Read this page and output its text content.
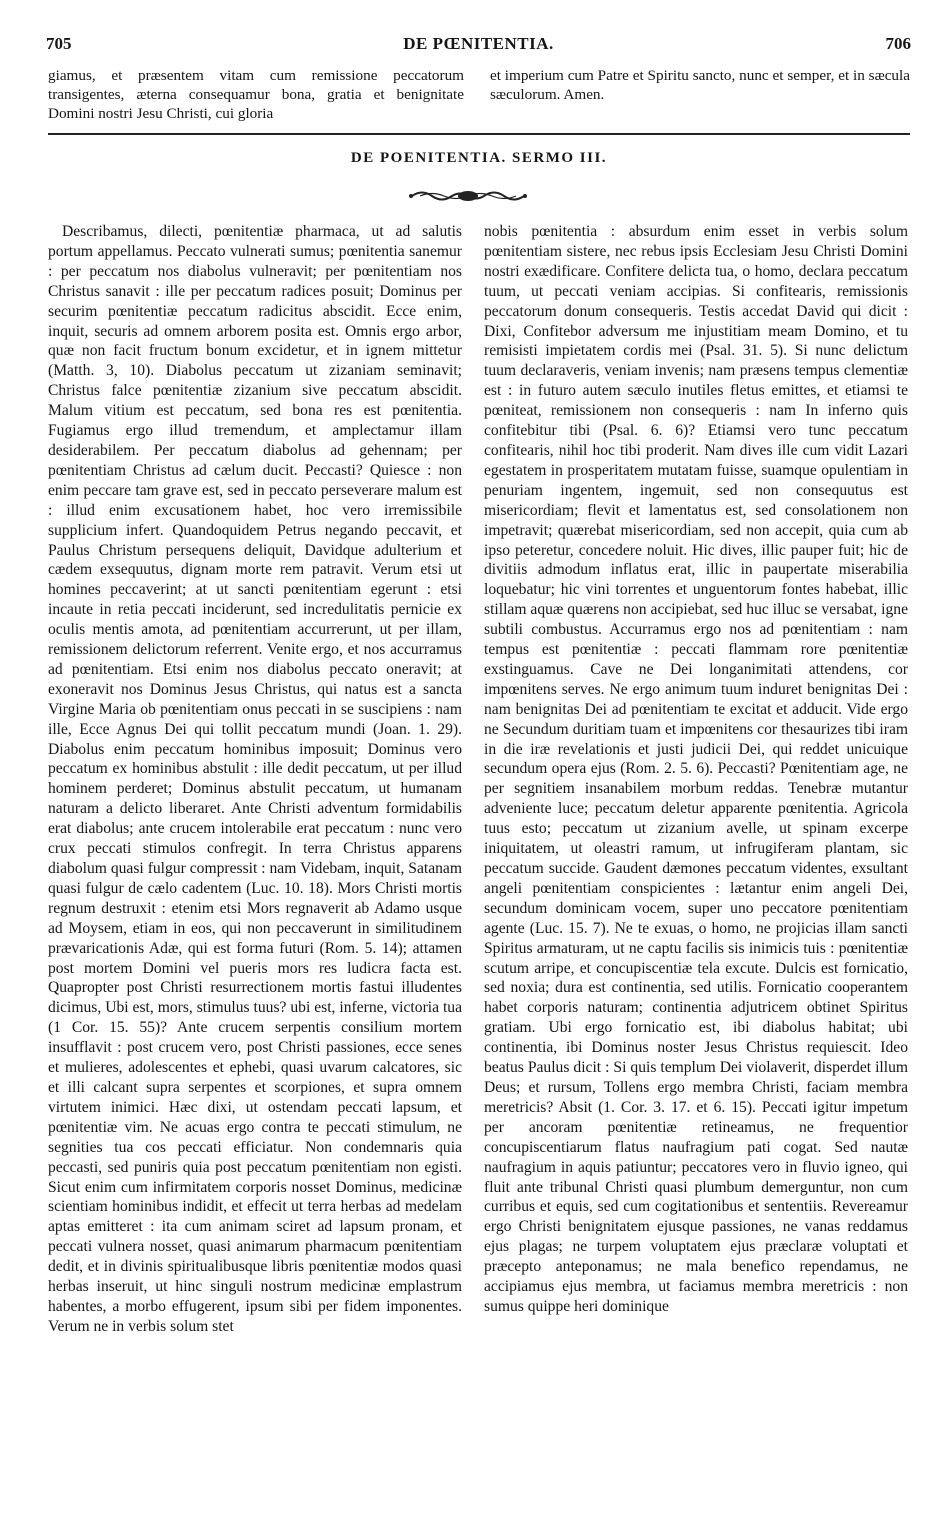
705	DE PŒNITENTIA.	706
giamus, et præsentem vitam cum remissione peccatorum transigentes, æterna consequamur bona, gratia et benignitate Domini nostri Jesu Christi, cui gloria
et imperium cum Patre et Spiritu sancto, nunc et semper, et in sæcula sæculorum. Amen.
DE POENITENTIA. SERMO III.
Describamus, dilecti, pœnitentiæ pharmaca, ut ad salutis portum appellamus. Peccato vulnerati sumus; pœnitentia sanemur : per peccatum nos diabolus vulneravit; per pœnitentiam nos Christus sanavit : ille per peccatum radices posuit; Dominus per securim pœnitentiæ peccatum radicitus abscidit. Ecce enim, inquit, securis ad omnem arborem posita est. Omnis ergo arbor, quæ non facit fructum bonum excidetur, et in ignem mittetur (Matth. 3, 10). Diabolus peccatum ut zizaniam seminavit; Christus falce pœnitentiæ zizanium sive peccatum abscidit. Malum vitium est peccatum, sed bona res est pœnitentia. Fugiamus ergo illud tremendum, et amplectamur illam desiderabilem. Per peccatum diabolus ad gehennam; per pœnitentiam Christus ad cælum ducit. Peccasti? Quiesce : non enim peccare tam grave est, sed in peccato perseverare malum est : illud enim excusationem habet, hoc vero irremissibile supplicium infert. Quandoquidem Petrus negando peccavit, et Paulus Christum persequens deliquit, Davidque adulterium et cædem exsequutus, dignam morte rem patravit. Verum etsi ut homines peccaverint; at ut sancti pœnitentiam egerunt : etsi incaute in retia peccati inciderunt, sed incredulitatis pernicie ex oculis mentis amota, ad pœnitentiam accurrerunt, ut per illam, remissionem delictorum referrent. Venite ergo, et nos accurramus ad pœnitentiam. Etsi enim nos diabolus peccato oneravit; at exoneravit nos Dominus Jesus Christus, qui natus est a sancta Virgine Maria ob pœnitentiam onus peccati in se suscipiens : nam ille, Ecce Agnus Dei qui tollit peccatum mundi (Joan. 1. 29). Diabolus enim peccatum hominibus imposuit; Dominus vero peccatum ex hominibus abstulit : ille dedit peccatum, ut per illud hominem perderet; Dominus abstulit peccatum, ut humanam naturam a delicto liberaret. Ante Christi adventum formidabilis erat diabolus; ante crucem intolerabile erat peccatum : nunc vero crux peccati stimulos confregit. In terra Christus apparens diabolum quasi fulgur compressit : nam Videbam, inquit, Satanam quasi fulgur de cælo cadentem (Luc. 10. 18). Mors Christi mortis regnum destruxit : etenim etsi Mors regnaverit ab Adamo usque ad Moysem, etiam in eos, qui non peccaverunt in similitudinem prævaricationis Adæ, qui est forma futuri (Rom. 5. 14); attamen post mortem Domini vel pueris mors res ludicra facta est. Quapropter post Christi resurrectionem mortis fastui illudentes dicimus, Ubi est, mors, stimulus tuus? ubi est, inferne, victoria tua (1 Cor. 15. 55)? Ante crucem serpentis consilium mortem insufflavit : post crucem vero, post Christi passiones, ecce senes et mulieres, adolescentes et ephebi, quasi uvarum calcatores, sic et illi calcant supra serpentes et scorpiones, et supra omnem virtutem inimici. Hæc dixi, ut ostendam peccati lapsum, et pœnitentiæ vim. Ne acuas ergo contra te peccati stimulum, ne segnities tua cos peccati efficiatur. Non condemnaris quia peccasti, sed puniris quia post peccatum pœnitentiam non egisti. Sicut enim cum infirmitatem corporis nosset Dominus, medicinæ scientiam hominibus indidit, et effecit ut terra herbas ad medelam aptas emitteret : ita cum animam sciret ad lapsum pronam, et peccati vulnera nosset, quasi animarum pharmacum pœnitentiam dedit, et in divinis spiritualibusque libris pœnitentiæ modos quasi herbas inseruit, ut hinc singuli nostrum medicinæ emplastrum habentes, a morbo effugerent, ipsum sibi per fidem imponentes. Verum ne in verbis solum stet
nobis pœnitentia : absurdum enim esset in verbis solum pœnitentiam sistere, nec rebus ipsis Ecclesiam Jesu Christi Domini nostri exædificare. Confitere delicta tua, o homo, declara peccatum tuum, ut peccati veniam accipias. Si confitearis, remissionis peccatorum donum consequeris. Testis accedat David qui dicit : Dixi, Confitebor adversum me injustitiam meam Domino, et tu remisisti impietatem cordis mei (Psal. 31. 5). Si nunc delictum tuum declaraveris, veniam invenis; nam præsens tempus clementiæ est : in futuro autem sæculo inutiles fletus emittes, et etiamsi te pœniteat, remissionem non consequeris : nam In inferno quis confitebitur tibi (Psal. 6. 6)? Etiamsi vero tunc peccatum confitearis, nihil hoc tibi proderit. Nam dives ille cum vidit Lazari egestatem in prosperitatem mutatam fuisse, suamque opulentiam in penuriam ingentem, ingemuit, sed non consequutus est misericordiam; flevit et lamentatus est, sed consolationem non impetravit; quærebat misericordiam, sed non accepit, quia cum ab ipso peteretur, concedere noluit. Hic dives, illic pauper fuit; hic de divitiis admodum inflatus erat, illic in paupertate miserabilia loquebatur; hic vini torrentes et unguentorum fontes habebat, illic stillam aquæ quærens non accipiebat, sed huc illuc se versabat, igne subtili combustus. Accurramus ergo nos ad pœnitentiam : nam tempus est pœnitentiæ : peccati flammam rore pœnitentiæ exstinguamus. Cave ne Dei longanimitati attendens, cor impœnitens serves. Ne ergo animum tuum induret benignitas Dei : nam benignitas Dei ad pœnitentiam te excitat et adducit. Vide ergo ne Secundum duritiam tuam et impœnitens cor thesaurizes tibi iram in die iræ revelationis et justi judicii Dei, qui reddet unicuique secundum opera ejus (Rom. 2. 5. 6). Peccasti? Pœnitentiam age, ne per segnitiem insanabilem morbum reddas. Tenebræ mutantur adveniente luce; peccatum deletur apparente pœnitentia. Agricola tuus esto; peccatum ut zizanium avelle, ut spinam excerpe iniquitatem, ut oleastri ramum, ut infrugiferam plantam, sic peccatum succide. Gaudent dæmones peccatum videntes, exsultant angeli pœnitentiam conspicientes : lætantur enim angeli Dei, secundum dominicam vocem, super uno peccatore pœnitentiam agente (Luc. 15. 7). Ne te exuas, o homo, ne projicias illam sancti Spiritus armaturam, ut ne captu facilis sis inimicis tuis : pœnitentiæ scutum arripe, et concupiscentiæ tela excute. Dulcis est fornicatio, sed noxia; dura est continentia, sed utilis. Fornicatio cooperantem habet corporis naturam; continentia adjutricem obtinet Spiritus gratiam. Ubi ergo fornicatio est, ibi diabolus habitat; ubi continentia, ibi Dominus noster Jesus Christus requiescit. Ideo beatus Paulus dicit : Si quis templum Dei violaverit, disperdet illum Deus; et rursum, Tollens ergo membra Christi, faciam membra meretricis? Absit (1. Cor. 3. 17. et 6. 15). Peccati igitur impetum per ancoram pœnitentiæ retineamus, ne frequentior concupiscentiarum flatus naufragium pati cogat. Sed nautæ naufragium in aquis patiuntur; peccatores vero in fluvio igneo, qui fluit ante tribunal Christi quasi plumbum demerguntur, non cum curribus et equis, sed cum cogitationibus et sententiis. Revereamur ergo Christi benignitatem ejusque passiones, ne vanas reddamus ejus plagas; ne turpem voluptatem ejus præclaræ voluptati et præcepto anteponamus; ne mala benefico rependamus, ne accipiamus ejus membra, ut faciamus membra meretricis : non sumus quippe heri dominique
